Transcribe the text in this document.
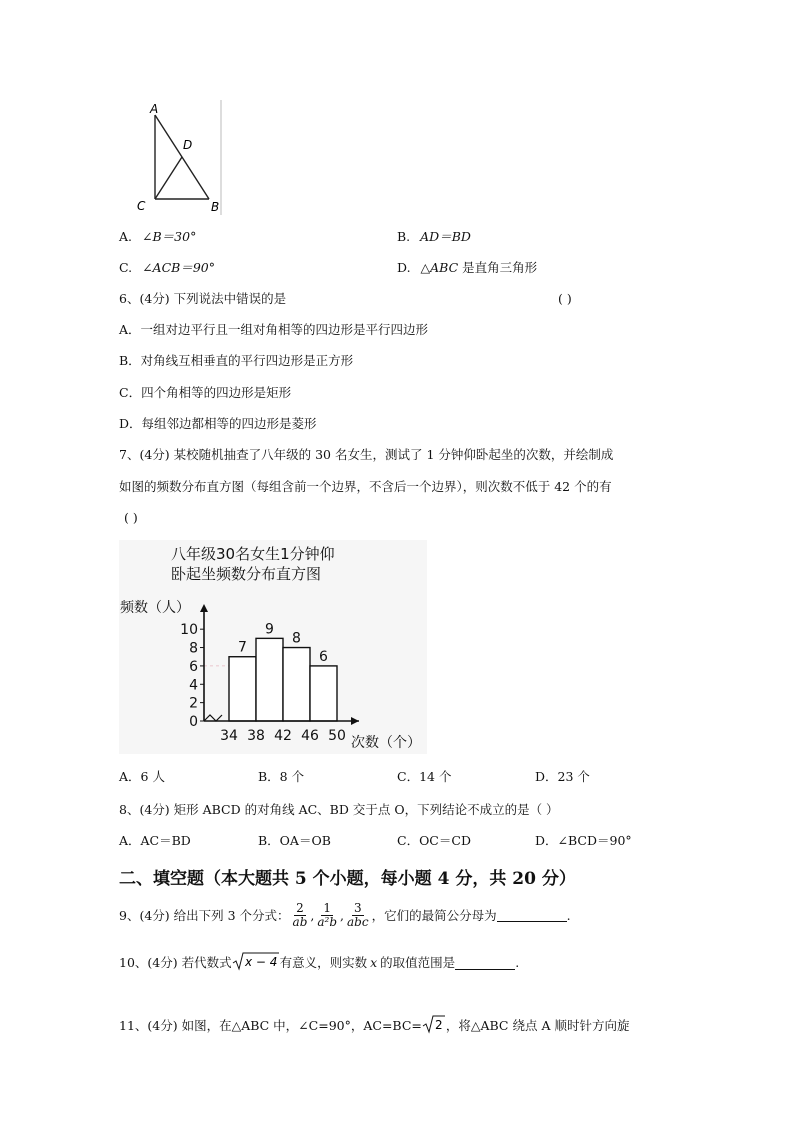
A
D
C	B
A. ∠B＝30°	B. AD＝BD
C. ∠ACB＝90°	D. △ABC 是直角三角形
6、(4分) 下列说法中错误的是	( )
A．一组对边平行且一组对角相等的四边形是平行四边形
B．对角线互相垂直的平行四边形是正方形
C．四个角相等的四边形是矩形
D．每组邻边都相等的四边形是菱形
7、(4分) 某校随机抽查了八年级的 30 名女生，测试了 1 分钟仰卧起坐的次数，并绘制成
如图的频数分布直方图（每组含前一个边界，不含后一个边界），则次数不低于 42 个的有
( )
八年级30名女生1分钟仰
卧起坐频数分布直方图
频数（人）
次数（个）
0
2
4
6
8
10
34 38 42 46 50
7
9
8
6
A．6 人	B．8 个	C．14 个	D．23 个
8、(4分) 矩形 ABCD 的对角线 AC、BD 交于点 O，下列结论不成立的是（ ）
A．AC＝BD	B．OA＝OB	C．OC＝CD	D．∠BCD＝90°
二、填空题（本大题共 5 个小题，每小题 4 分，共 20 分）
9、(4分) 给出下列 3 个分式： $\frac{2}{ab}$ , $\frac{1}{\text{a²b}}$ , $\frac{3}{\text{abc}}$ ，它们的最简公分母为	.
10、(4分) 若代数式 x − 4 有意义，则实数 x 的取值范围是	.
11、(4分) 如图，在△ABC 中，∠C=90°，AC=BC= 2 ，将△ABC 绕点 A 顺时针方向旋
